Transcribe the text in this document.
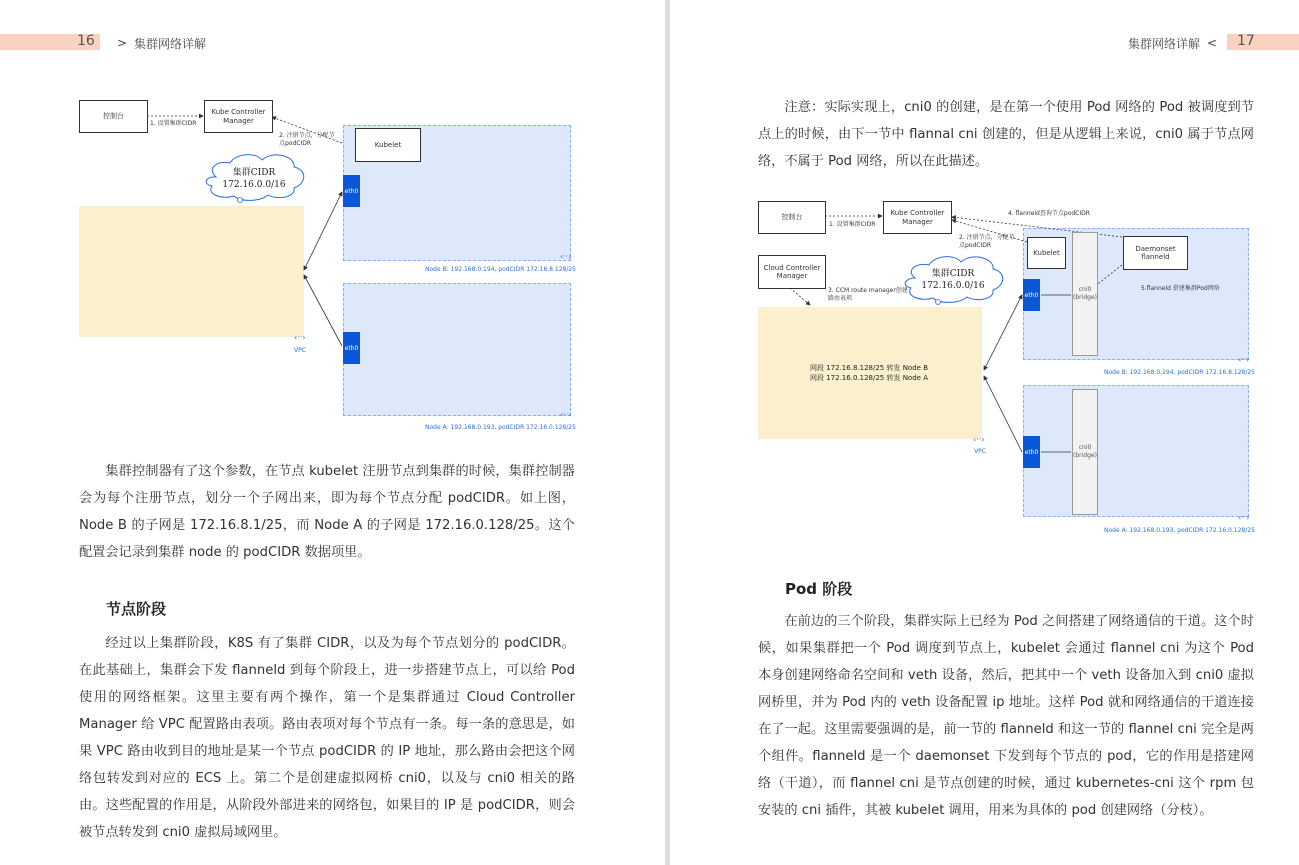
16 > 集群网络详解
控制台
Kube Controller Manager
Kubelet
1. 设置集群CIDR
2. 注册节点，分配节点podCIDR
集群CIDR
172.16.0.0/16
eth0
eth0
‹··›
VPC
‹··›
Node B: 192.168.0.194, podCIDR 172.16.8.128/25
‹··›
Node A: 192.168.0.193, podCIDR 172.16.0.128/25

集群控制器有了这个参数，在节点 kubelet 注册节点到集群的时候，集群控制器会为每个注册节点，划分一个子网出来，即为每个节点分配 podCIDR。如上图，Node B 的子网是 172.16.8.1/25，而 Node A 的子网是 172.16.0.128/25。这个配置会记录到集群 node 的 podCIDR 数据项里。

节点阶段

经过以上集群阶段，K8S 有了集群 CIDR，以及为每个节点划分的 podCIDR。在此基础上，集群会下发 flanneld 到每个阶段上，进一步搭建节点上，可以给 Pod 使用的网络框架。这里主要有两个操作，第一个是集群通过 Cloud Controller Manager 给 VPC 配置路由表项。路由表项对每个节点有一条。每一条的意思是，如果 VPC 路由收到目的地址是某一个节点 podCIDR 的 IP 地址，那么路由会把这个网络包转发到对应的 ECS 上。第二个是创建虚拟网桥 cni0，以及与 cni0 相关的路由。这些配置的作用是，从阶段外部进来的网络包，如果目的 IP 是 podCIDR，则会被节点转发到 cni0 虚拟局域网里。

集群网络详解 < 17

注意：实际实现上，cni0 的创建，是在第一个使用 Pod 网络的 Pod 被调度到节点上的时候，由下一节中 flannal cni 创建的，但是从逻辑上来说，cni0 属于节点网络，不属于 Pod 网络，所以在此描述。

控制台
Kube Controller Manager
Cloud Controller Manager
Kubelet
Daemonset flanneld
1. 设置集群CIDR
2. 注册节点，分配节点podCIDR
3. CCM route manager创建路由表项
4. flanneld查询节点podCIDR
5.flanneld 搭建集群Pod网络
集群CIDR
172.16.0.0/16
eth0
eth0
cni0
(bridge)
cni0
(bridge)
网段 172.16.8.128/25 转发 Node B
网段 172.16.0.128/25 转发 Node A
‹··›
VPC
‹··›
Node B: 192.168.0.194, podCIDR 172.16.8.128/25
‹··›
Node A: 192.168.0.193, podCIDR 172.16.0.128/25
Pod 阶段

在前边的三个阶段，集群实际上已经为 Pod 之间搭建了网络通信的干道。这个时候，如果集群把一个 Pod 调度到节点上，kubelet 会通过 flannel cni 为这个 Pod 本身创建网络命名空间和 veth 设备，然后，把其中一个 veth 设备加入到 cni0 虚拟网桥里，并为 Pod 内的 veth 设备配置 ip 地址。这样 Pod 就和网络通信的干道连接在了一起。这里需要强调的是，前一节的 flanneld 和这一节的 flannel cni 完全是两个组件。flanneld 是一个 daemonset 下发到每个节点的 pod，它的作用是搭建网络（干道），而 flannel cni 是节点创建的时候，通过 kubernetes-cni 这个 rpm 包安装的 cni 插件，其被 kubelet 调用，用来为具体的 pod 创建网络（分枝）。
